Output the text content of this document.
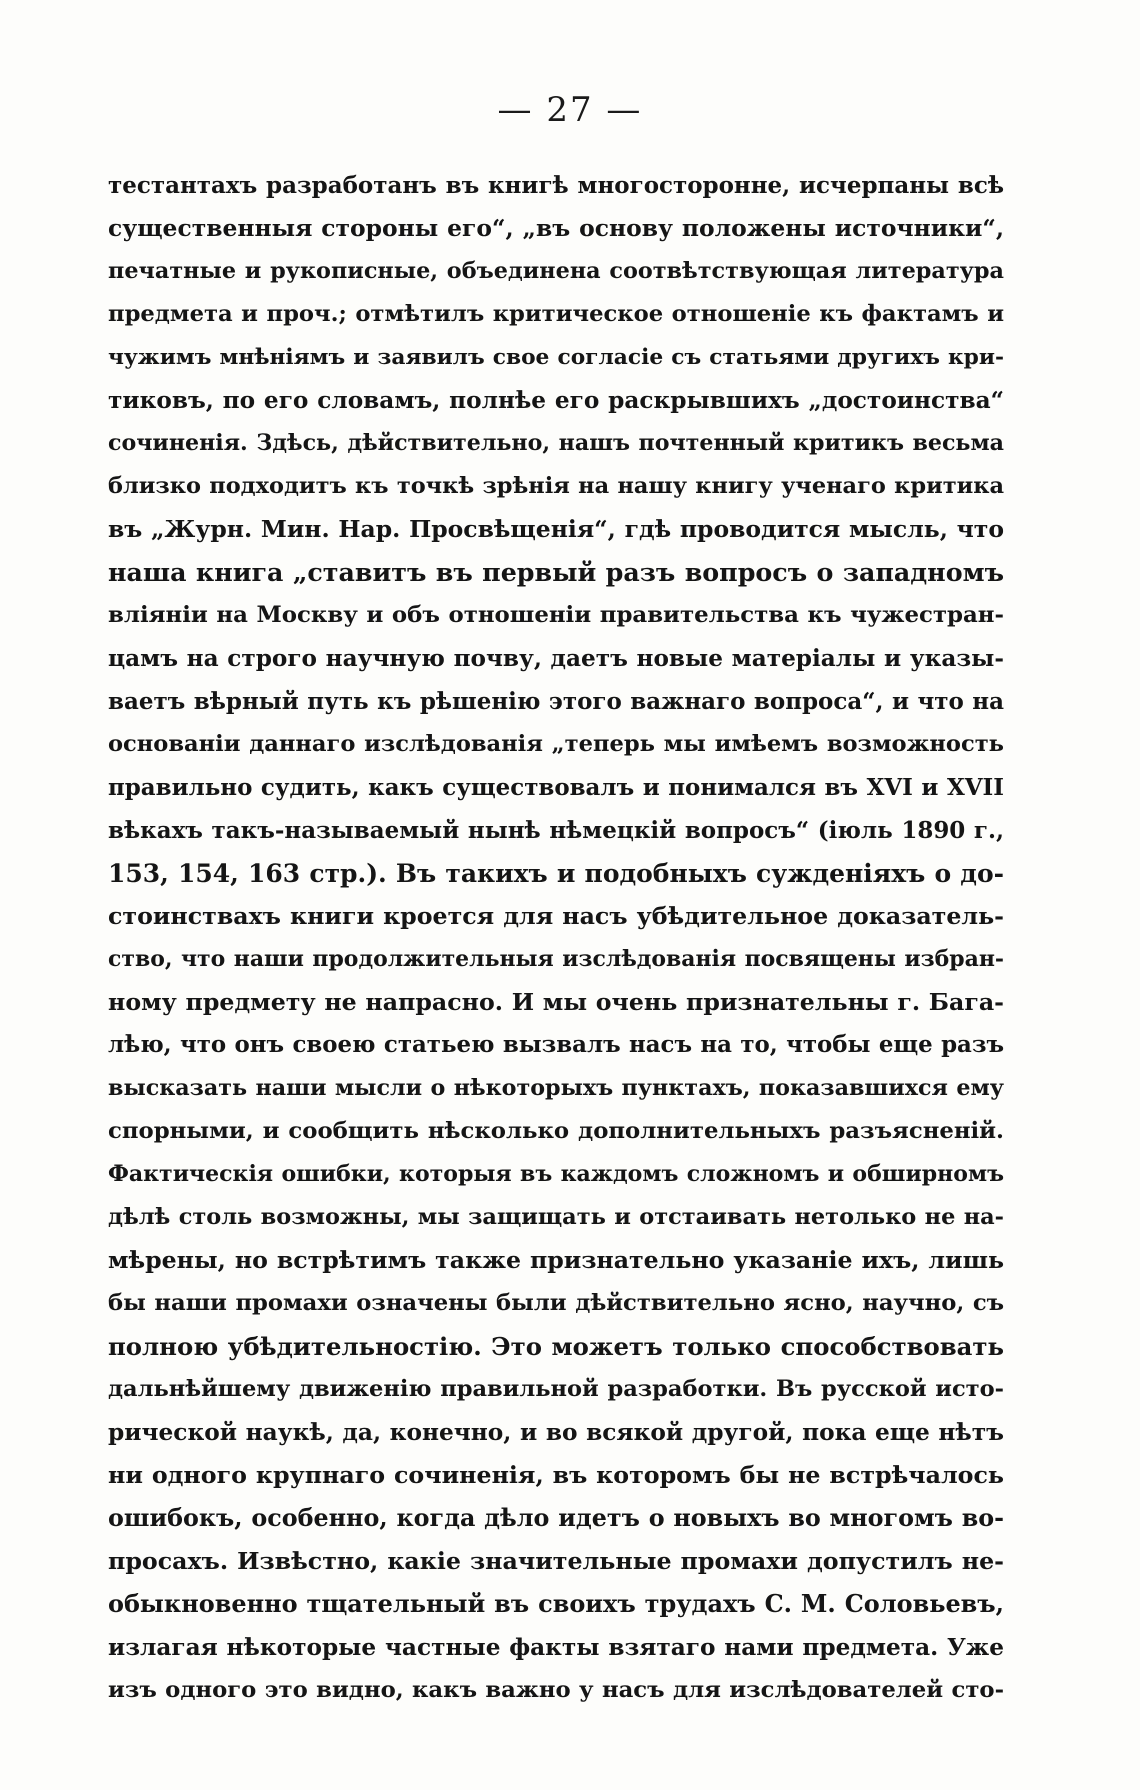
— 27 —
тестантахъ разработанъ въ книгѣ многосторонне, исчерпаны всѣ
существенныя стороны его“, „въ основу положены источники“,
печатные и рукописные, объединена соотвѣтствующая литература
предмета и проч.; отмѣтилъ критическое отношеніе къ фактамъ и
чужимъ мнѣніямъ и заявилъ свое согласіе съ статьями другихъ кри-
тиковъ, по его словамъ, полнѣе его раскрывшихъ „достоинства“
сочиненія. Здѣсь, дѣйствительно, нашъ почтенный критикъ весьма
близко подходитъ къ точкѣ зрѣнія на нашу книгу ученаго критика
въ „Журн. Мин. Нар. Просвѣщенія“, гдѣ проводится мысль, что
наша книга „ставитъ въ первый разъ вопросъ о западномъ
вліяніи на Москву и объ отношеніи правительства къ чужестран-
цамъ на строго научную почву, даетъ новые матеріалы и указы-
ваетъ вѣрный путь къ рѣшенію этого важнаго вопроса“, и что на
основаніи даннаго изслѣдованія „теперь мы имѣемъ возможность
правильно судить, какъ существовалъ и понимался въ XVI и XVII
вѣкахъ такъ-называемый нынѣ нѣмецкій вопросъ“ (іюль 1890 г.,
153, 154, 163 стр.). Въ такихъ и подобныхъ сужденіяхъ о до-
стоинствахъ книги кроется для насъ убѣдительное доказатель-
ство, что наши продолжительныя изслѣдованія посвящены избран-
ному предмету не напрасно. И мы очень признательны г. Бага-
лѣю, что онъ своею статьею вызвалъ насъ на то, чтобы еще разъ
высказать наши мысли о нѣкоторыхъ пунктахъ, показавшихся ему
спорными, и сообщить нѣсколько дополнительныхъ разъясненій.
Фактическія ошибки, которыя въ каждомъ сложномъ и обширномъ
дѣлѣ столь возможны, мы защищать и отстаивать нетолько не на-
мѣрены, но встрѣтимъ также признательно указаніе ихъ, лишь
бы наши промахи означены были дѣйствительно ясно, научно, съ
полною убѣдительностію. Это можетъ только способствовать
дальнѣйшему движенію правильной разработки. Въ русской исто-
рической наукѣ, да, конечно, и во всякой другой, пока еще нѣтъ
ни одного крупнаго сочиненія, въ которомъ бы не встрѣчалось
ошибокъ, особенно, когда дѣло идетъ о новыхъ во многомъ во-
просахъ. Извѣстно, какіе значительные промахи допустилъ не-
обыкновенно тщательный въ своихъ трудахъ С. М. Соловьевъ,
излагая нѣкоторые частные факты взятаго нами предмета. Уже
изъ одного это видно, какъ важно у насъ для изслѣдователей сто-
